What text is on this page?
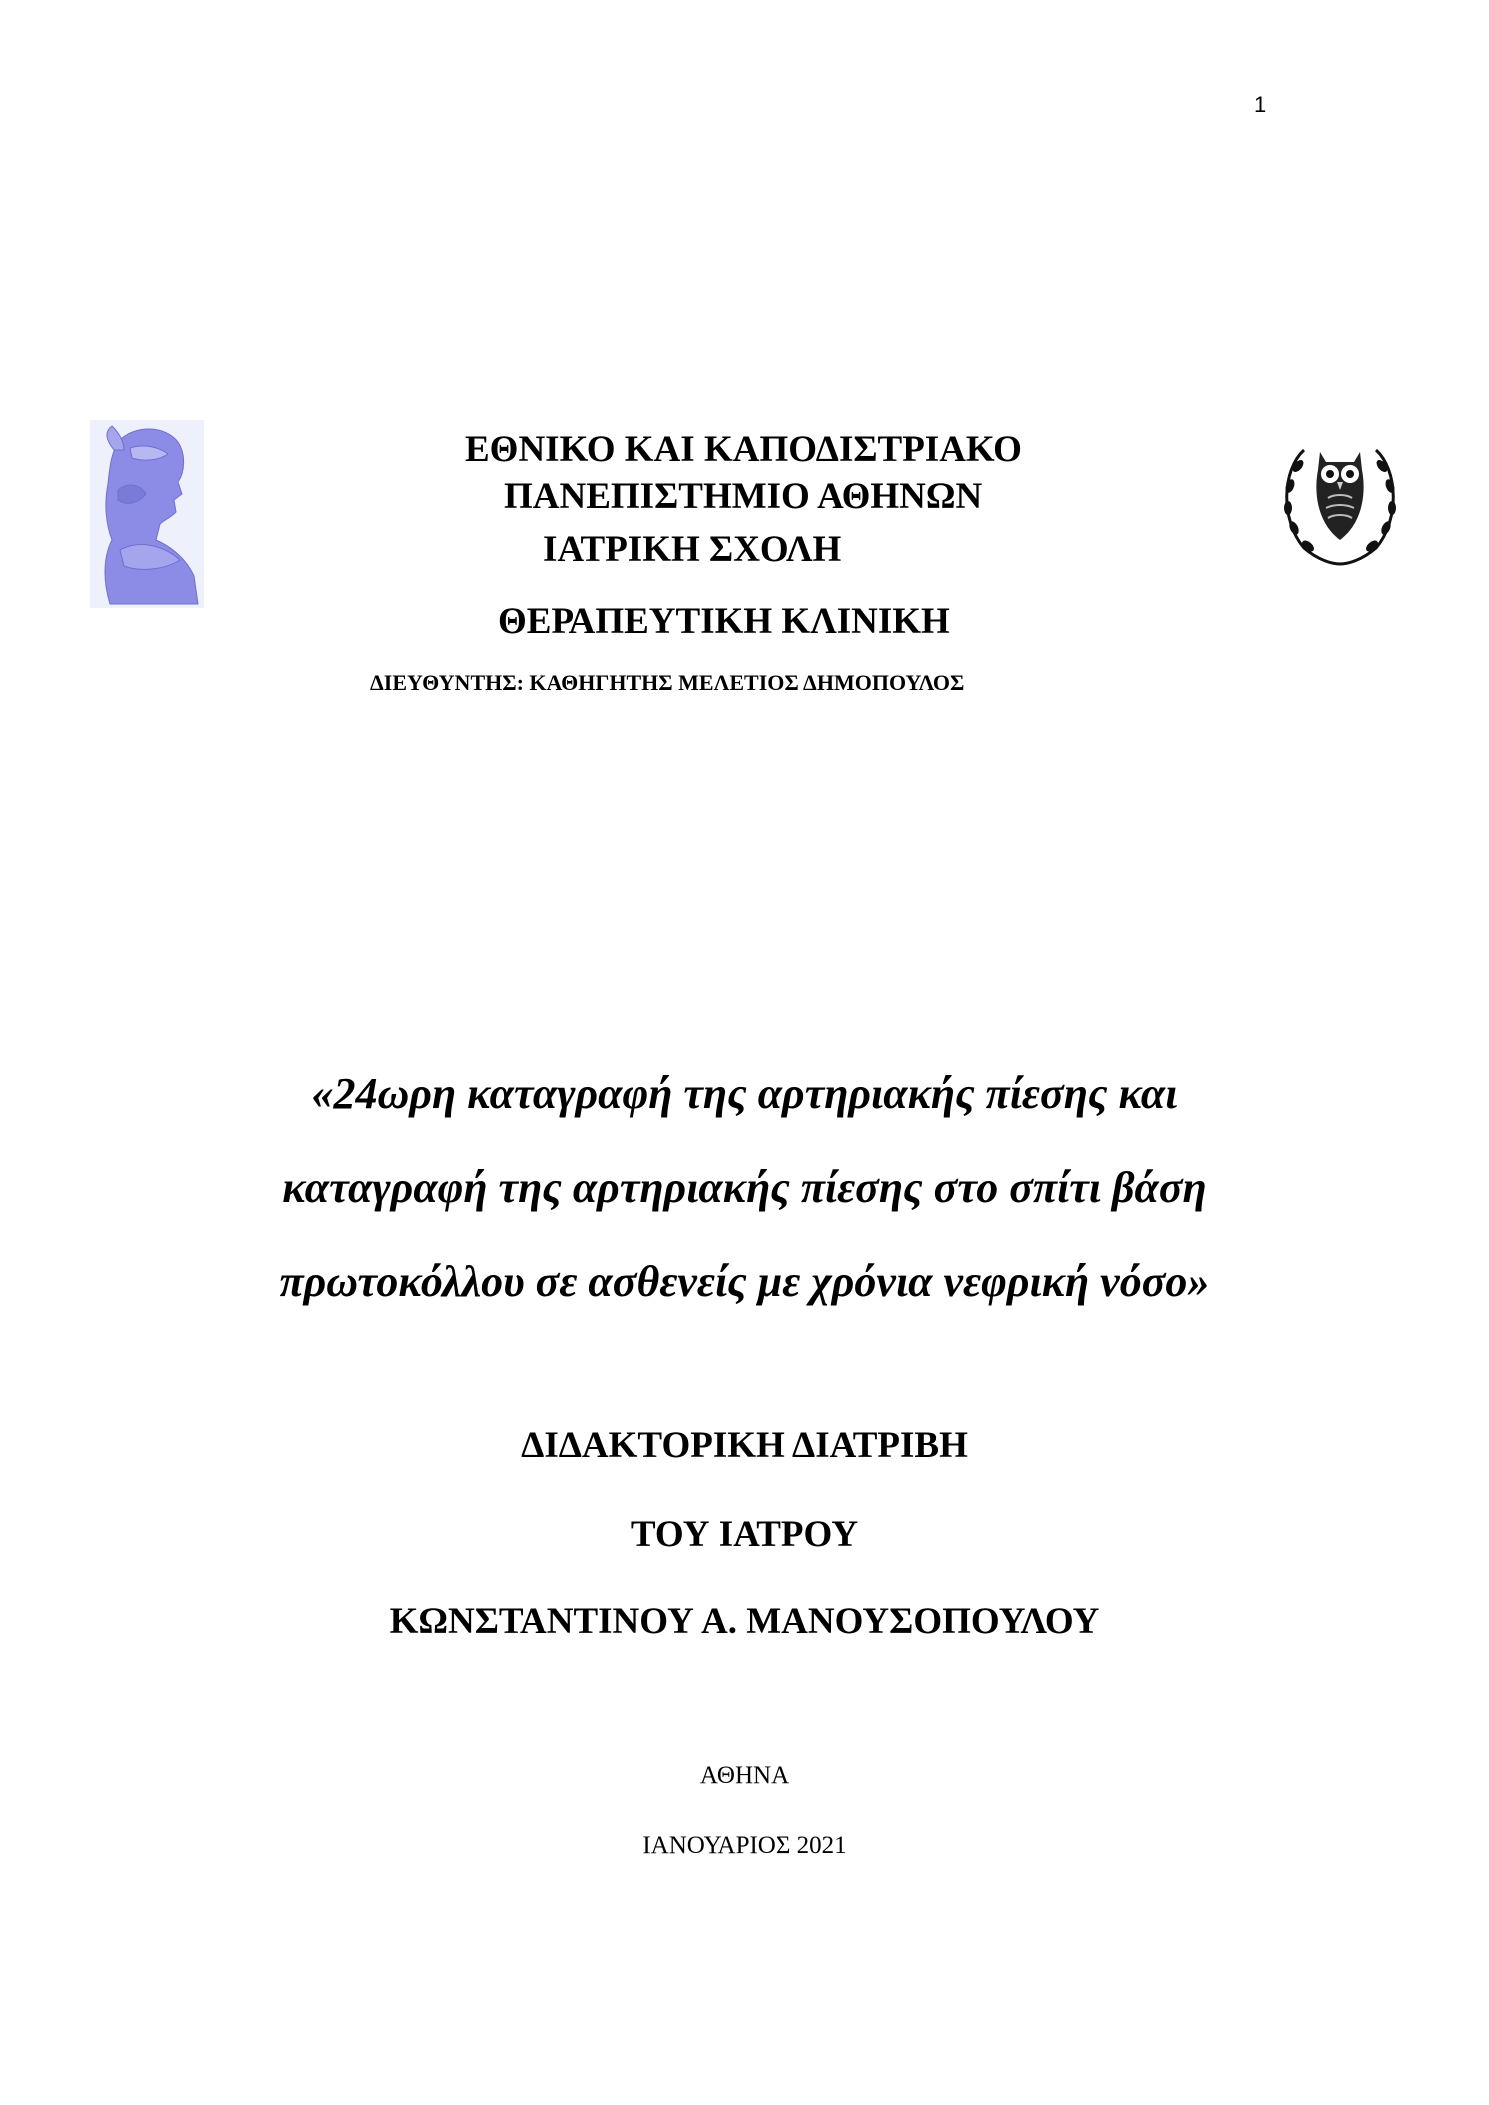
1
ΕΘΝΙΚΟ ΚΑΙ ΚΑΠΟΔΙΣΤΡΙΑΚΟ
ΠΑΝΕΠΙΣΤΗΜΙΟ ΑΘΗΝΩΝ
ΙΑΤΡΙΚΗ ΣΧΟΛΗ
ΘΕΡΑΠΕΥΤΙΚΗ ΚΛΙΝΙΚΗ
ΔΙΕΥΘΥΝΤΗΣ: ΚΑΘΗΓΗΤΗΣ ΜΕΛΕΤΙΟΣ ΔΗΜΟΠΟΥΛΟΣ
«24ωρη καταγραφή της αρτηριακής πίεσης και
καταγραφή της αρτηριακής πίεσης στο σπίτι βάση
πρωτοκόλλου σε ασθενείς με χρόνια νεφρική νόσο»
ΔΙΔΑΚΤΟΡΙΚΗ ΔΙΑΤΡΙΒΗ
ΤΟΥ ΙΑΤΡΟΥ
ΚΩΝΣΤΑΝΤΙΝΟΥ Α. ΜΑΝΟΥΣΟΠΟΥΛΟΥ
ΑΘΗΝΑ
ΙΑΝΟΥΑΡΙΟΣ 2021
